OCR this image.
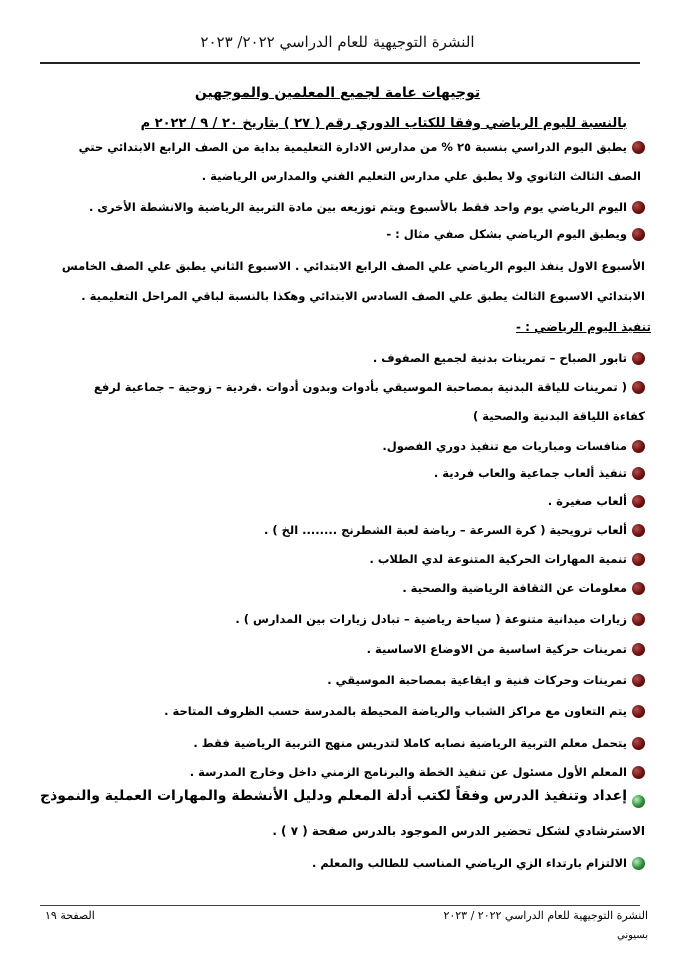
النشرة التوجيهية للعام الدراسي ٢٠٢٢/ ٢٠٢٣
توجيهات عامة لجميع المعلمين والموجهين
بالنسبة لليوم الرياضي وفقا للكتاب الدوري رقم ( ٢٧ ) بتاريخ ٢٠ / ٩ / ٢٠٢٢ م
يطبق اليوم الدراسي بنسبة ٢٥ % من مدارس الادارة التعليمية بداية من الصف الرابع الابتدائي حتي
الصف الثالث الثانوي ولا يطبق علي مدارس التعليم الفني والمدارس الرياضية .
اليوم الرياضي يوم واحد فقط بالأسبوع ويتم توزيعه بين مادة التربية الرياضية والانشطة الأخرى .
ويطبق اليوم الرياضي بشكل صفي مثال : -
الأسبوع الاول ينفذ اليوم الرياضي علي الصف الرابع الابتدائي . الاسبوع الثاني يطبق علي الصف الخامس
الابتدائي الاسبوع الثالث يطبق علي الصف السادس الابتدائي وهكذا بالنسبة لباقي المراحل التعليمية .
تنفيذ اليوم الرياضي : -
تابور الصباح – تمرينات بدنية لجميع الصفوف .
( تمرينات للياقة البدنية بمصاحبة الموسيقي بأدوات وبدون أدوات .فردية – زوجية – جماعية لرفع
كفاءة اللياقة البدنية والصحية )
منافسات ومباريات مع تنفيذ دوري الفصول.
تنفيذ ألعاب جماعية والعاب فردية .
ألعاب صغيرة .
ألعاب ترويحية ( كرة السرعة – رياضة لعبة الشطرنج ........ الخ ) .
تنمية المهارات الحركية المتنوعة لدي الطلاب .
معلومات عن الثقافة الرياضية والصحية .
زيارات ميدانية متنوعة ( سياحة رياضية – تبادل زيارات بين المدارس ) .
تمرينات حركية اساسية من الاوضاع الاساسية .
تمرينات وحركات فنية و ايقاعية بمصاحبة الموسيقي .
يتم التعاون مع مراكز الشباب والرياضة المحيطة بالمدرسة حسب الظروف المتاحة .
يتحمل معلم التربية الرياضية نصابه كاملا لتدريس منهج التربية الرياضية فقط .
المعلم الأول مسئول عن تنفيذ الخطة والبرنامج الزمني داخل وخارج المدرسة .
إعداد وتنفيذ الدرس وفقاً لكتب أدلة المعلم ودليل الأنشطة والمهارات العملية والنموذج
الاسترشادي لشكل تحضير الدرس الموجود بالدرس صفحة ( ٧ ) .
الالتزام بارتداء الزي الرياضي المناسب للطالب والمعلم .
الصفحة ١٩	النشرة التوجيهية للعام الدراسي ٢٠٢٢ / ٢٠٢٣
بسيوني
